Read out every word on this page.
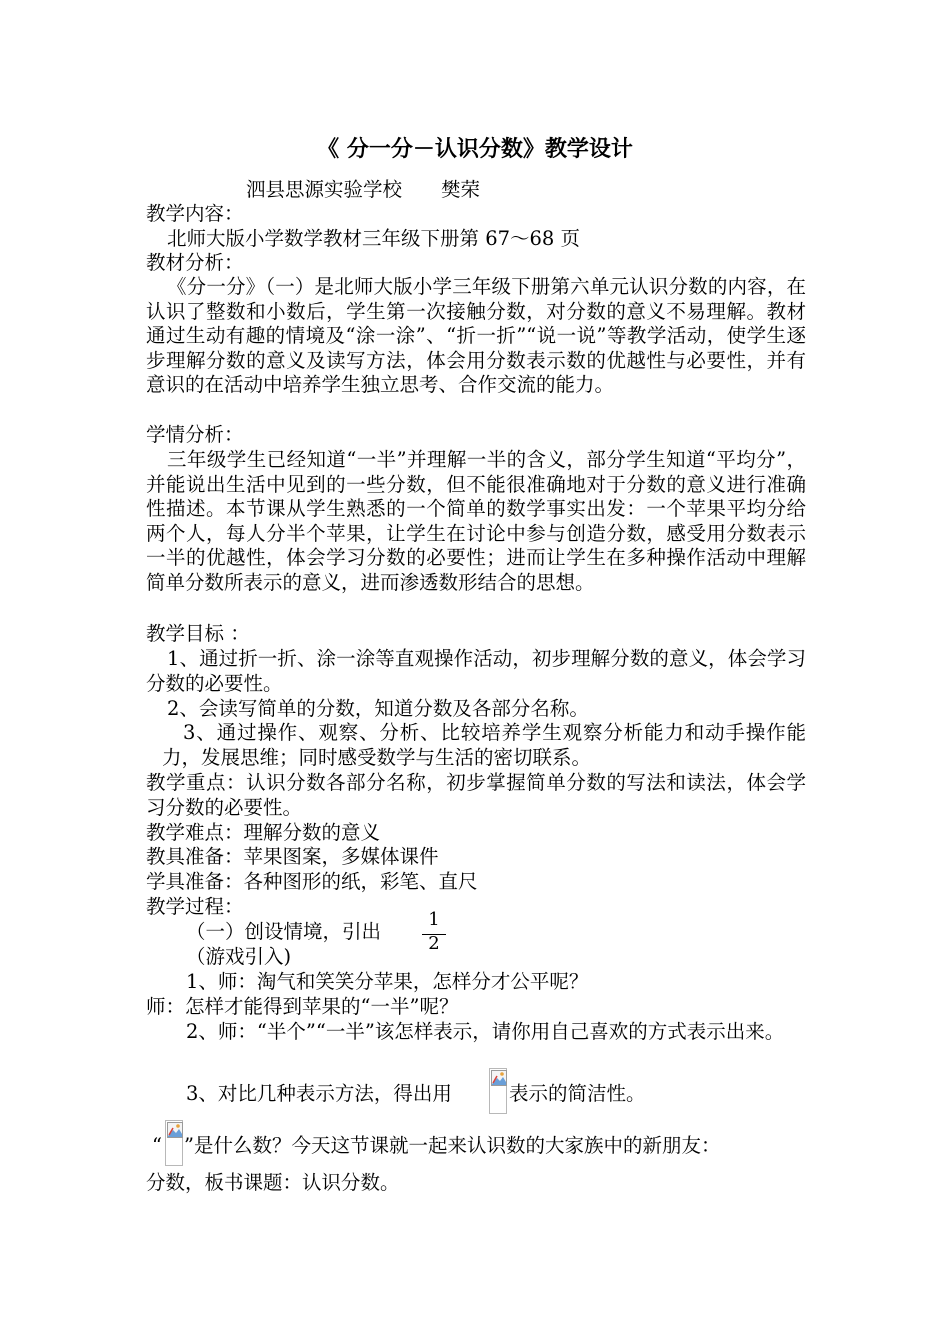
《 分一分－认识分数》教学设计
泗县思源实验学校　　樊荣
教学内容：
北师大版小学数学教材三年级下册第 67～68 页
教材分析：
《分一分》（一）是北师大版小学三年级下册第六单元认识分数的内容，在认识了整数和小数后，学生第一次接触分数，对分数的意义不易理解。教材通过生动有趣的情境及“涂一涂”、“折一折”“说一说”等教学活动，使学生逐步理解分数的意义及读写方法，体会用分数表示数的优越性与必要性，并有意识的在活动中培养学生独立思考、合作交流的能力。
学情分析：
三年级学生已经知道“一半”并理解一半的含义，部分学生知道“平均分”，并能说出生活中见到的一些分数，但不能很准确地对于分数的意义进行准确性描述。本节课从学生熟悉的一个简单的数学事实出发：一个苹果平均分给两个人，每人分半个苹果，让学生在讨论中参与创造分数，感受用分数表示一半的优越性，体会学习分数的必要性；进而让学生在多种操作活动中理解简单分数所表示的意义，进而渗透数形结合的思想。
教学目标 ：
1、通过折一折、涂一涂等直观操作活动，初步理解分数的意义，体会学习分数的必要性。
2、会读写简单的分数，知道分数及各部分名称。
3、通过操作、观察、分析、比较培养学生观察分析能力和动手操作能力，发展思维；同时感受数学与生活的密切联系。
教学重点：认识分数各部分名称，初步掌握简单分数的写法和读法，体会学习分数的必要性。
教学难点：理解分数的意义
教具准备：苹果图案，多媒体课件
学具准备：各种图形的纸，彩笔、直尺
教学过程：
（一）创设情境，引出
1
2
（游戏引入)
1、师：淘气和笑笑分苹果，怎样分才公平呢？
师：怎样才能得到苹果的“一半”呢？
2、师：“半个”“一半”该怎样表示，请你用自己喜欢的方式表示出来。
3、对比几种表示方法，得出用	表示的简洁性。
“ ”是什么数？今天这节课就一起来认识数的大家族中的新朋友：
分数，板书课题：认识分数。
